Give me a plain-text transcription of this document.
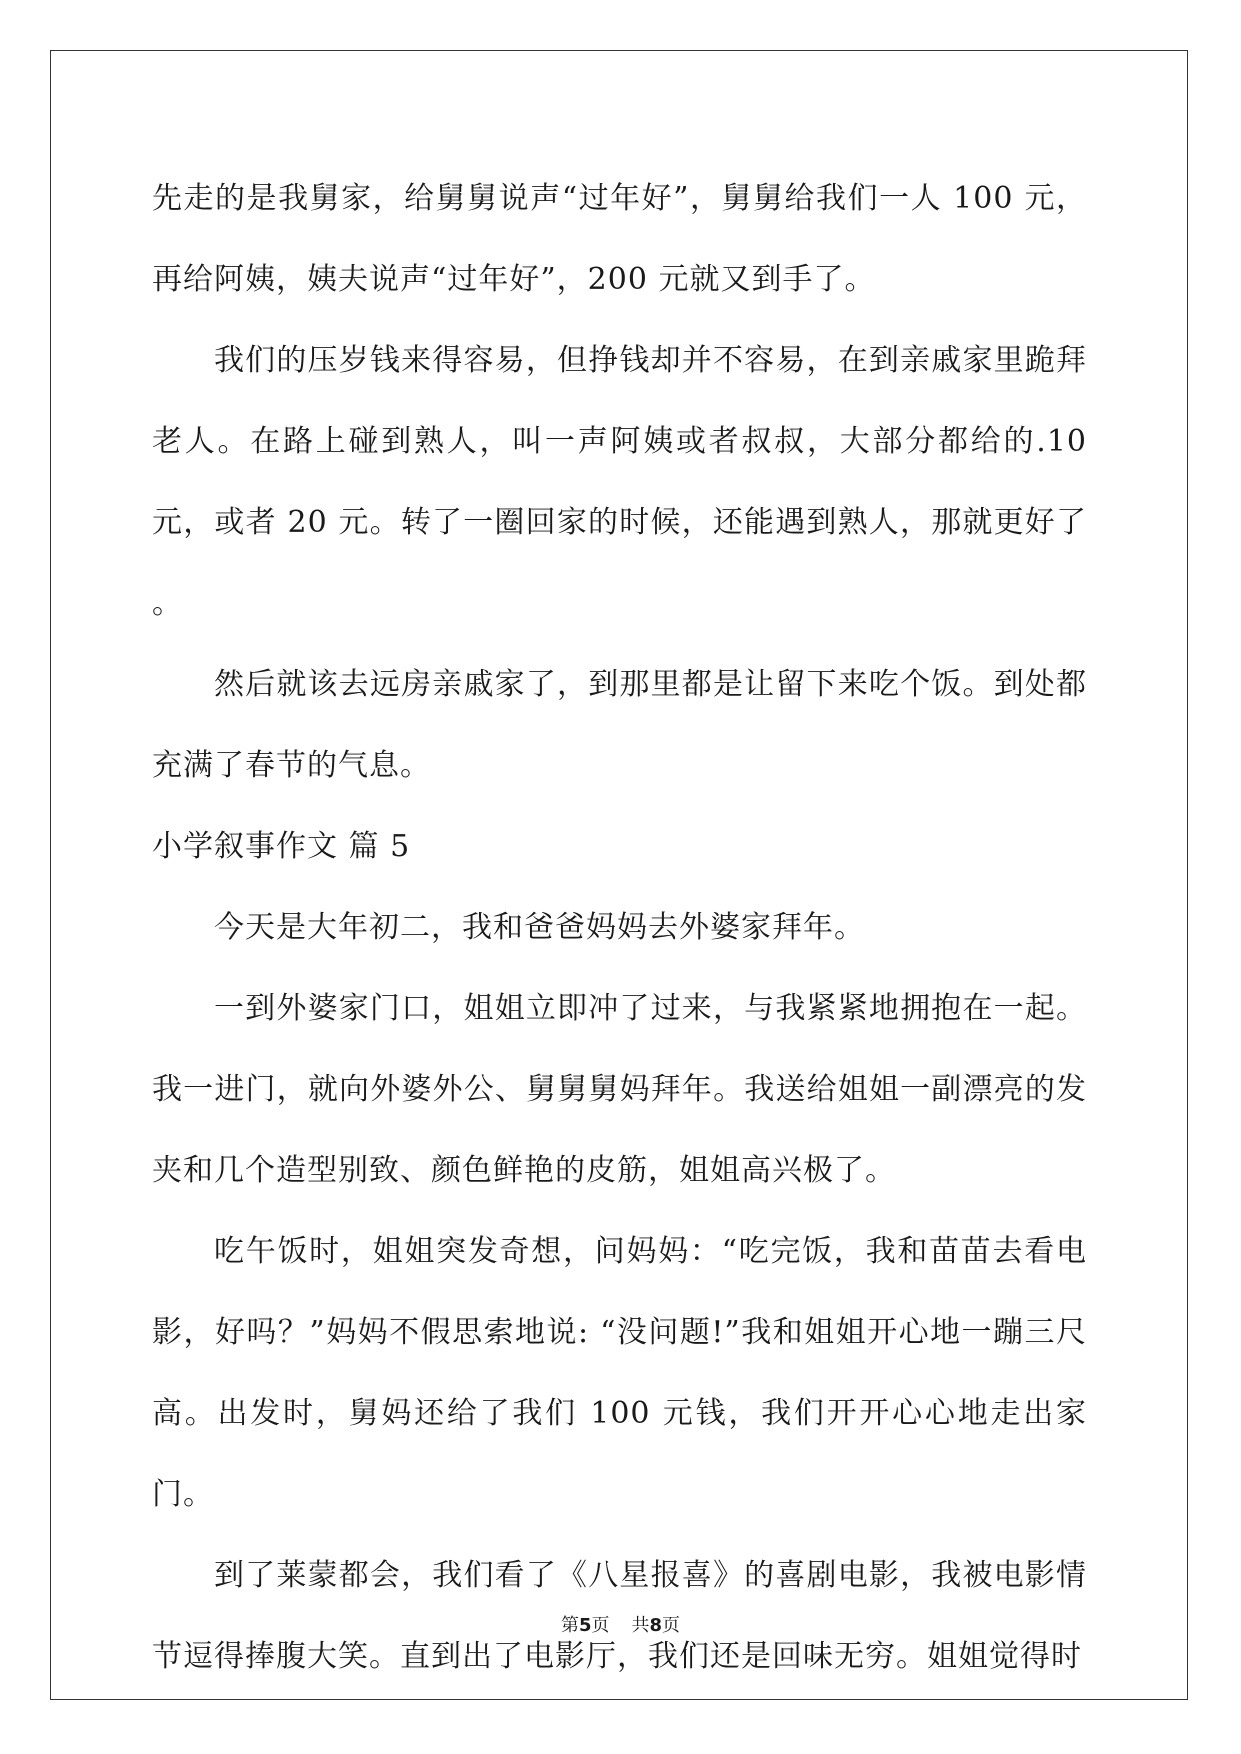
先走的是我舅家，给舅舅说声“过年好”，舅舅给我们一人 100 元，再给阿姨，姨夫说声“过年好”，200 元就又到手了。

我们的压岁钱来得容易，但挣钱却并不容易，在到亲戚家里跪拜老人。在路上碰到熟人，叫一声阿姨或者叔叔，大部分都给的.10 元，或者 20 元。转了一圈回家的时候，还能遇到熟人，那就更好了 。

然后就该去远房亲戚家了，到那里都是让留下来吃个饭。到处都充满了春节的气息。

小学叙事作文 篇 5

今天是大年初二，我和爸爸妈妈去外婆家拜年。

一到外婆家门口，姐姐立即冲了过来，与我紧紧地拥抱在一起。我一进门，就向外婆外公、舅舅舅妈拜年。我送给姐姐一副漂亮的发夹和几个造型别致、颜色鲜艳的皮筋，姐姐高兴极了。

吃午饭时，姐姐突发奇想，问妈妈：“吃完饭，我和苗苗去看电影，好吗？”妈妈不假思索地说: “没问题!”我和姐姐开心地一蹦三尺高。出发时，舅妈还给了我们 100 元钱，我们开开心心地走出家门。

到了莱蒙都会，我们看了《八星报喜》的喜剧电影，我被电影情节逗得捧腹大笑。直到出了电影厅，我们还是回味无穷。姐姐觉得时

第5页 共8页
